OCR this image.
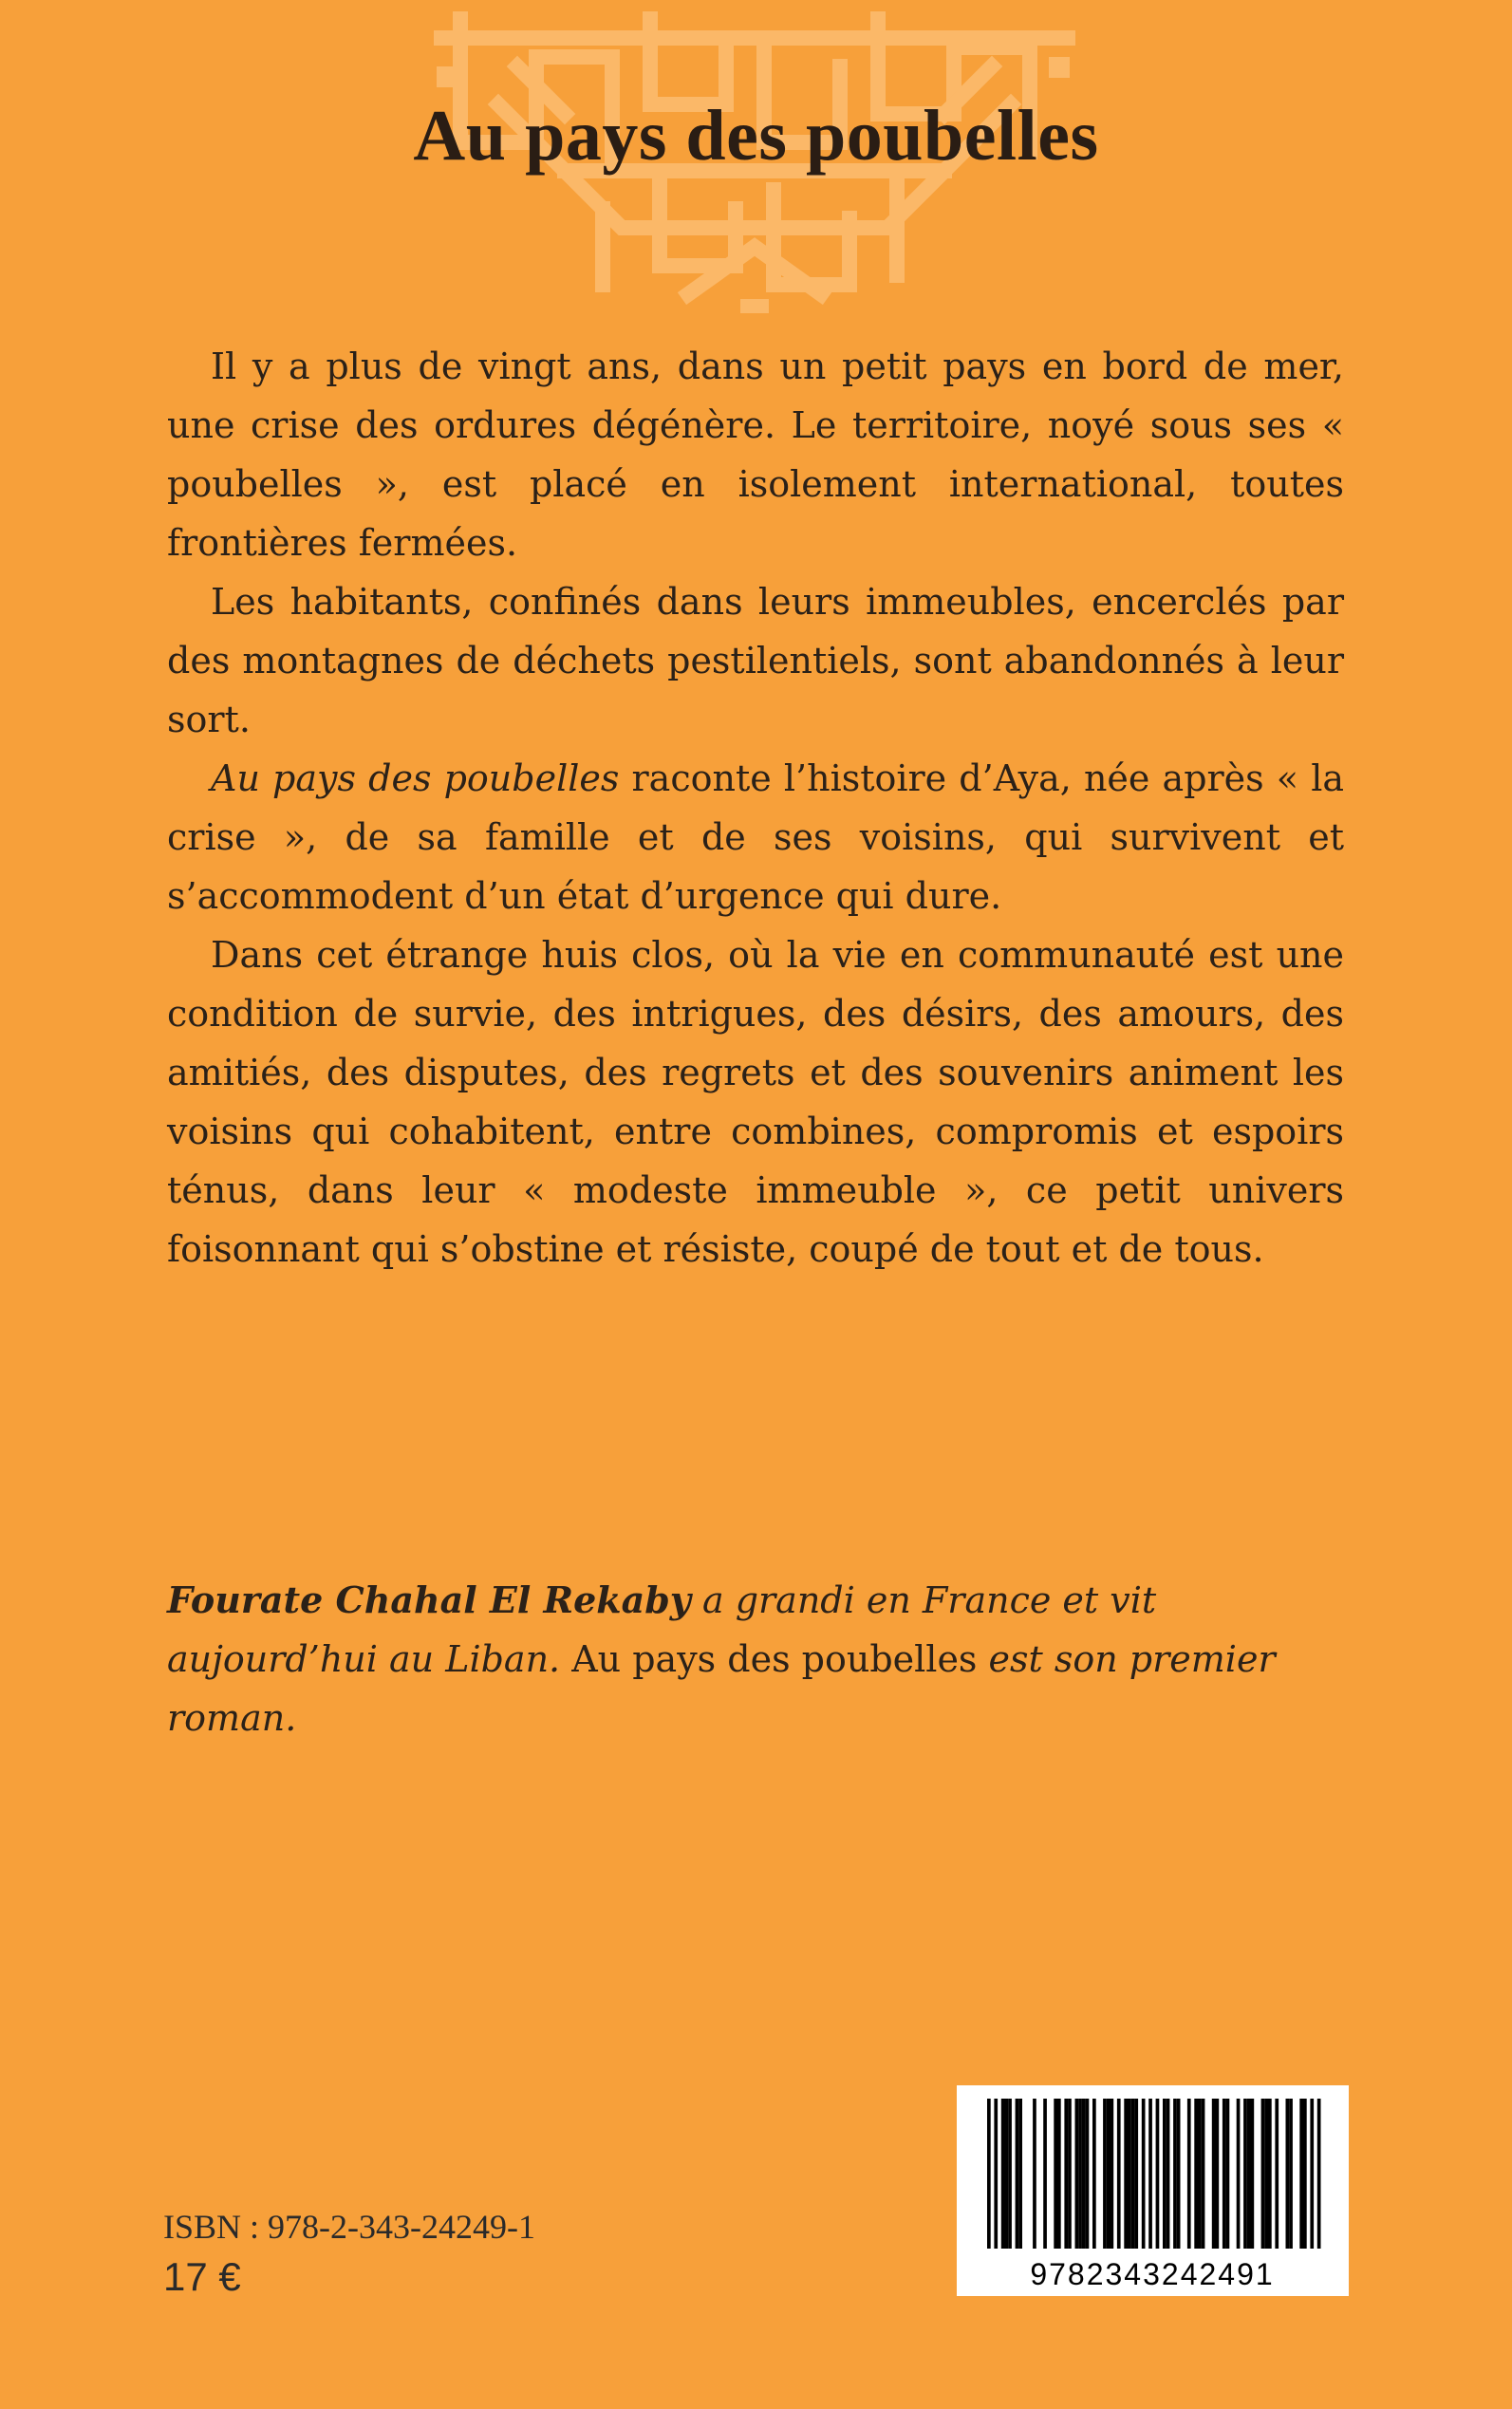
Au pays des poubelles

Il y a plus de vingt ans, dans un petit pays en bord de mer, une crise des ordures dégénère. Le territoire, noyé sous ses « poubelles », est placé en isolement international, toutes frontières fermées.

Les habitants, confinés dans leurs immeubles, encerclés par des montagnes de déchets pestilentiels, sont abandonnés à leur sort.

Au pays des poubelles raconte l’histoire d’Aya, née après « la crise », de sa famille et de ses voisins, qui survivent et s’accommodent d’un état d’urgence qui dure.

Dans cet étrange huis clos, où la vie en communauté est une condition de survie, des intrigues, des désirs, des amours, des amitiés, des disputes, des regrets et des souvenirs animent les voisins qui cohabitent, entre combines, compromis et espoirs ténus, dans leur « modeste immeuble », ce petit univers foisonnant qui s’obstine et résiste, coupé de tout et de tous.

Fourate Chahal El Rekaby a grandi en France et vit aujourd’hui au Liban. Au pays des poubelles est son premier roman.
ISBN : 978-2-343-24249-1
17 €	9782343242491
